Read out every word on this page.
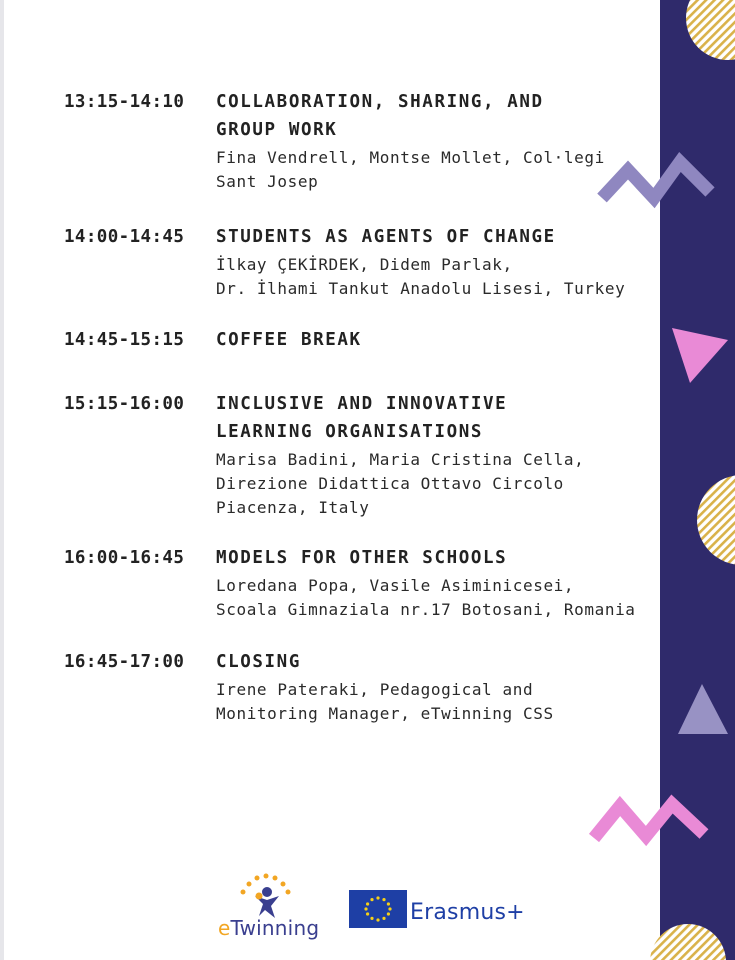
13:15-14:10	COLLABORATION, SHARING, AND
GROUP WORK
Fina Vendrell, Montse Mollet, Col·legi
Sant Josep
14:00-14:45	STUDENTS AS AGENTS OF CHANGE
İlkay ÇEKİRDEK, Didem Parlak,
Dr. İlhami Tankut Anadolu Lisesi, Turkey
14:45-15:15	COFFEE BREAK
15:15-16:00	INCLUSIVE AND INNOVATIVE
LEARNING ORGANISATIONS
Marisa Badini, Maria Cristina Cella,
Direzione Didattica Ottavo Circolo
Piacenza, Italy
16:00-16:45	MODELS FOR OTHER SCHOOLS
Loredana Popa, Vasile Asiminicesei,
Scoala Gimnaziala nr.17 Botosani, Romania
16:45-17:00	CLOSING
Irene Pateraki, Pedagogical and
Monitoring Manager, eTwinning CSS
eTwinning
Erasmus+
